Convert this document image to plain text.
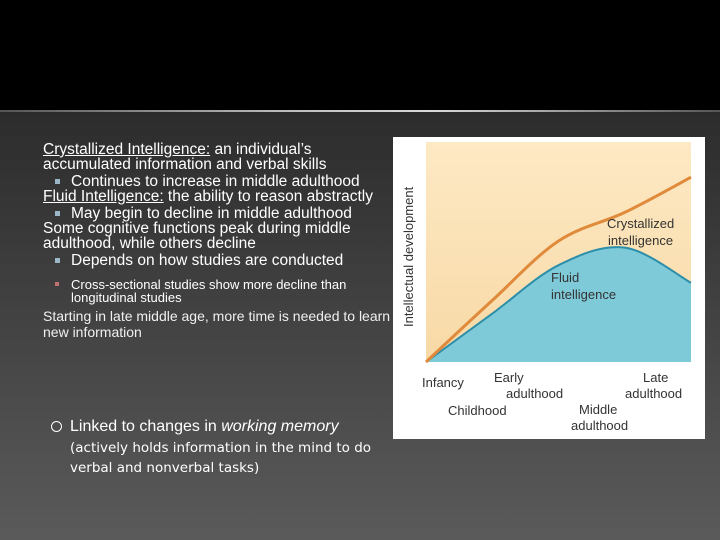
Crystallized Intelligence: an individual’s accumulated information and verbal skills
Continues to increase in middle adulthood
Fluid Intelligence: the ability to reason abstractly
May begin to decline in middle adulthood
Some cognitive functions peak during middle adulthood, while others decline
Depends on how studies are conducted
Cross-sectional studies show more decline than longitudinal studies
Starting in late middle age, more time is needed to learn new information
Linked to changes in working memory
(actively holds information in the mind to do verbal and nonverbal tasks)
Intellectual development	Crystallized
intelligence
Fluid
intelligence
Infancy Early
adulthood
Late
adulthood
Childhood	Middle
adulthood
